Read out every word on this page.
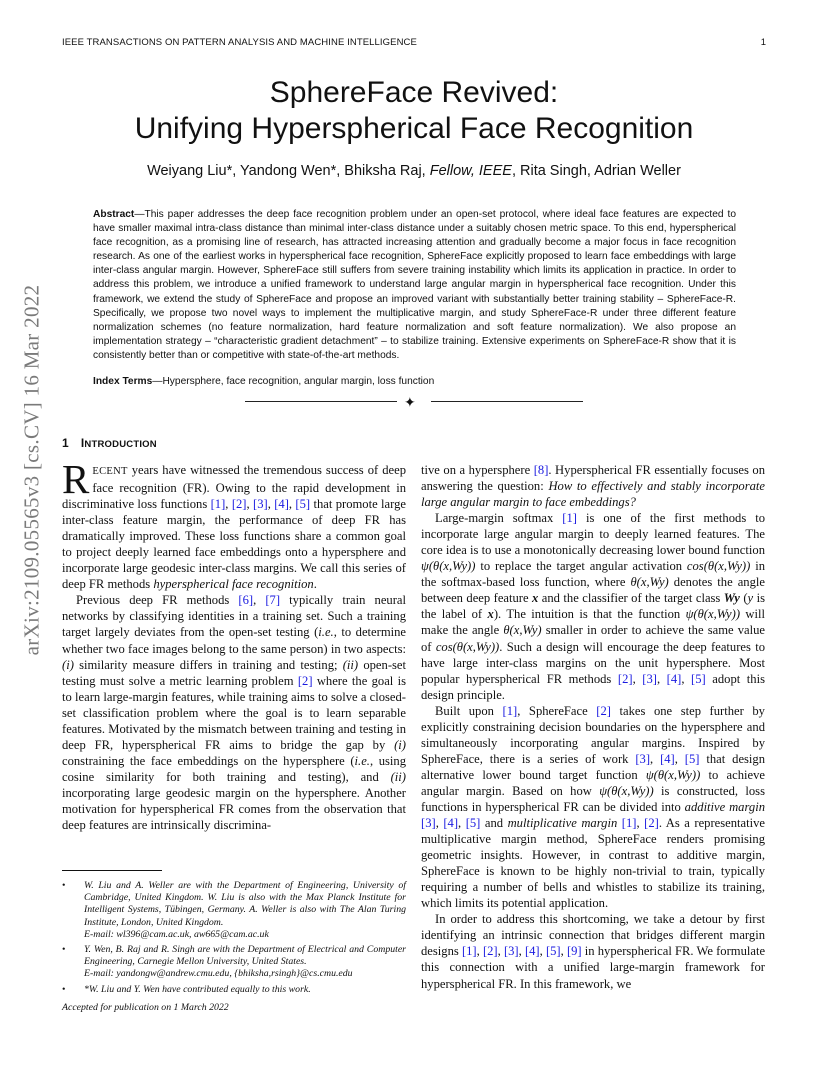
IEEE TRANSACTIONS ON PATTERN ANALYSIS AND MACHINE INTELLIGENCE	1
arXiv:2109.05565v3 [cs.CV] 16 Mar 2022
SphereFace Revived:
Unifying Hyperspherical Face Recognition
Weiyang Liu*, Yandong Wen*, Bhiksha Raj, Fellow, IEEE, Rita Singh, Adrian Weller
Abstract—This paper addresses the deep face recognition problem under an open-set protocol, where ideal face features are expected to have smaller maximal intra-class distance than minimal inter-class distance under a suitably chosen metric space. To this end, hyperspherical face recognition, as a promising line of research, has attracted increasing attention and gradually become a major focus in face recognition research. As one of the earliest works in hyperspherical face recognition, SphereFace explicitly proposed to learn face embeddings with large inter-class angular margin. However, SphereFace still suffers from severe training instability which limits its application in practice. In order to address this problem, we introduce a unified framework to understand large angular margin in hyperspherical face recognition. Under this framework, we extend the study of SphereFace and propose an improved variant with substantially better training stability – SphereFace-R. Specifically, we propose two novel ways to implement the multiplicative margin, and study SphereFace-R under three different feature normalization schemes (no feature normalization, hard feature normalization and soft feature normalization). We also propose an implementation strategy – “characteristic gradient detachment” – to stabilize training. Extensive experiments on SphereFace-R show that it is consistently better than or competitive with state-of-the-art methods.
Index Terms—Hypersphere, face recognition, angular margin, loss function
✦
1 INTRODUCTION

RECENT years have witnessed the tremendous success of deep face recognition (FR). Owing to the rapid development in discriminative loss functions [1], [2], [3], [4], [5] that promote large inter-class feature margin, the performance of deep FR has dramatically improved. These loss functions share a common goal to project deeply learned face embeddings onto a hypersphere and incorporate large geodesic inter-class margins. We call this series of deep FR methods hyperspherical face recognition.

Previous deep FR methods [6], [7] typically train neural networks by classifying identities in a training set. Such a training target largely deviates from the open-set testing (i.e., to determine whether two face images belong to the same person) in two aspects: (i) similarity measure differs in training and testing; (ii) open-set testing must solve a metric learning problem [2] where the goal is to learn large-margin features, while training aims to solve a closed-set classification problem where the goal is to learn separable features. Motivated by the mismatch between training and testing in deep FR, hyperspherical FR aims to bridge the gap by (i) constraining the face embeddings on the hypersphere (i.e., using cosine similarity for both training and testing), and (ii) incorporating large geodesic margin on the hypersphere. Another motivation for hyperspherical FR comes from the observation that deep features are intrinsically discrimina-

• W. Liu and A. Weller are with the Department of Engineering, University of Cambridge, United Kingdom. W. Liu is also with the Max Planck Institute for Intelligent Systems, Tübingen, Germany. A. Weller is also with The Alan Turing Institute, London, United Kingdom.
E-mail: wl396@cam.ac.uk, aw665@cam.ac.uk
• Y. Wen, B. Raj and R. Singh are with the Department of Electrical and Computer Engineering, Carnegie Mellon University, United States.
E-mail: yandongw@andrew.cmu.edu, {bhiksha,rsingh}@cs.cmu.edu
• *W. Liu and Y. Wen have contributed equally to this work.
Accepted for publication on 1 March 2022

tive on a hypersphere [8]. Hyperspherical FR essentially focuses on answering the question: How to effectively and stably incorporate large angular margin to face embeddings?

Large-margin softmax [1] is one of the first methods to incorporate large angular margin to deeply learned features. The core idea is to use a monotonically decreasing lower bound function ψ(θ(x,Wy)) to replace the target angular activation cos(θ(x,Wy)) in the softmax-based loss function, where θ(x,Wy) denotes the angle between deep feature x and the classifier of the target class Wy (y is the label of x). The intuition is that the function ψ(θ(x,Wy)) will make the angle θ(x,Wy) smaller in order to achieve the same value of cos(θ(x,Wy)). Such a design will encourage the deep features to have large inter-class margins on the unit hypersphere. Most popular hyperspherical FR methods [2], [3], [4], [5] adopt this design principle.

Built upon [1], SphereFace [2] takes one step further by explicitly constraining decision boundaries on the hypersphere and simultaneously incorporating angular margins. Inspired by SphereFace, there is a series of work [3], [4], [5] that design alternative lower bound target function ψ(θ(x,Wy)) to achieve angular margin. Based on how ψ(θ(x,Wy)) is constructed, loss functions in hyperspherical FR can be divided into additive margin [3], [4], [5] and multiplicative margin [1], [2]. As a representative multiplicative margin method, SphereFace renders promising geometric insights. However, in contrast to additive margin, SphereFace is known to be highly non-trivial to train, typically requiring a number of bells and whistles to stabilize its training, which limits its potential application.

In order to address this shortcoming, we take a detour by first identifying an intrinsic connection that bridges different margin designs [1], [2], [3], [4], [5], [9] in hyperspherical FR. We formulate this connection with a unified large-margin framework for hyperspherical FR. In this framework, we
